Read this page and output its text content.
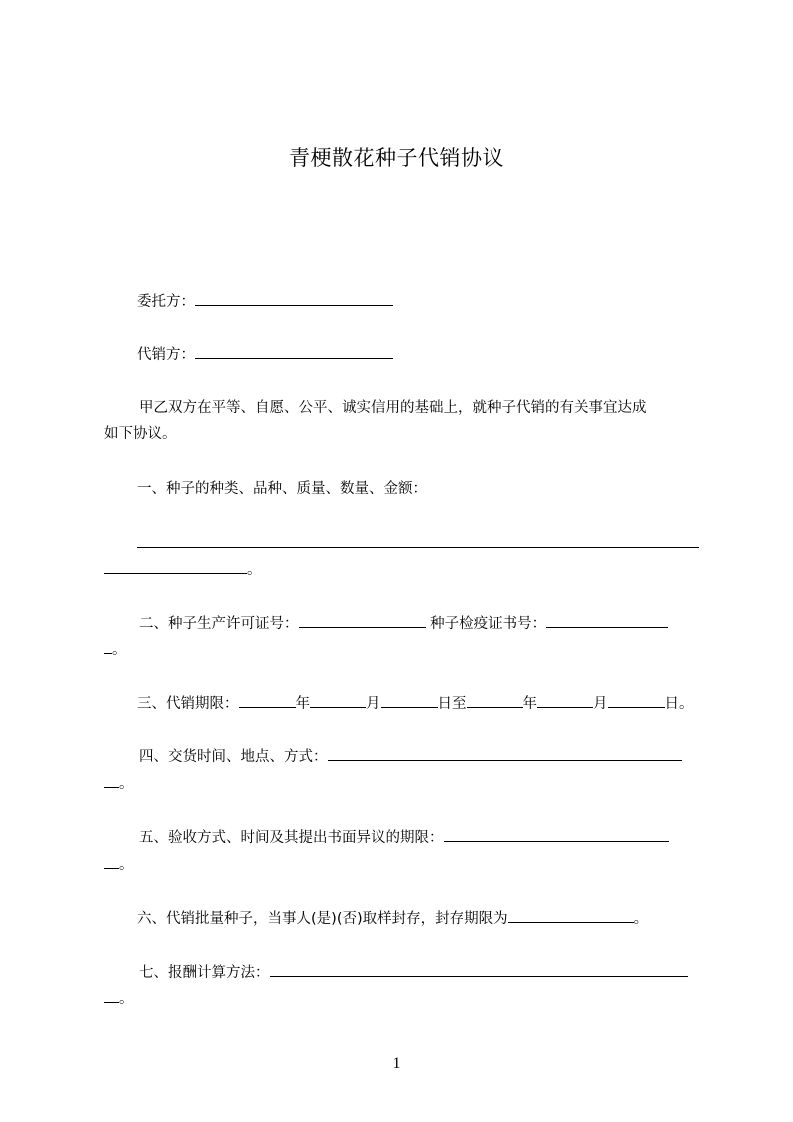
青梗散花种子代销协议
委托方：
代销方：
甲乙双方在平等、自愿、公平、诚实信用的基础上，就种子代销的有关事宜达成
如下协议。
一、种子的种类、品种、质量、数量、金额：
。
二、种子生产许可证号：	种子检疫证书号：
。
三、代销期限：	年	月	日至	年	月	日。
四、交货时间、地点、方式：
。
五、验收方式、时间及其提出书面异议的期限：
。
六、代销批量种子，当事人(是)(否)取样封存，封存期限为	。
七、报酬计算方法：
。
1
